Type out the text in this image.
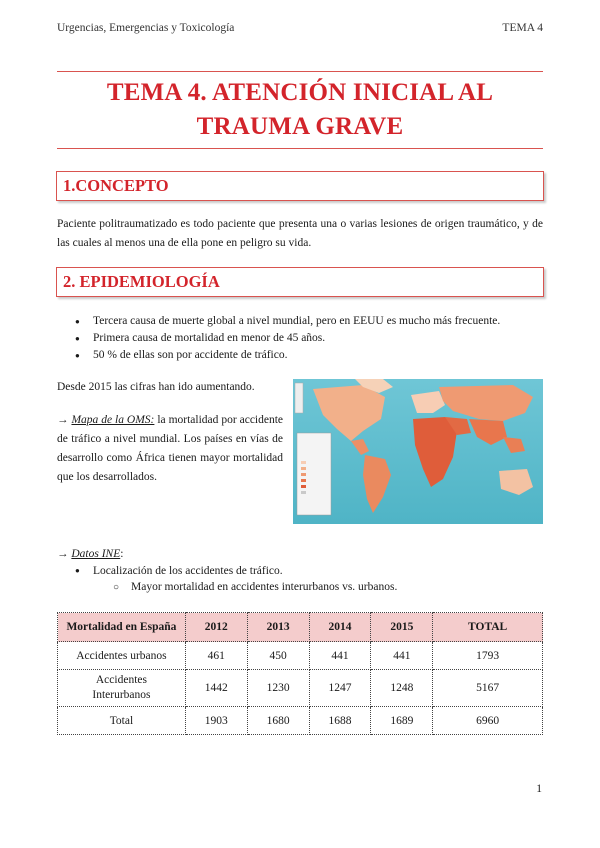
Urgencias, Emergencias y Toxicología	TEMA 4
TEMA 4. ATENCIÓN INICIAL AL
TRAUMA GRAVE
1.CONCEPTO
Paciente politraumatizado es todo paciente que presenta una o varias lesiones de origen traumático, y de las cuales al menos una de ella pone en peligro su vida.
2. EPIDEMIOLOGÍA
● Tercera causa de muerte global a nivel mundial, pero en EEUU es mucho más frecuente.
● Primera causa de mortalidad en menor de 45 años.
● 50 % de ellas son por accidente de tráfico.
Desde 2015 las cifras han ido aumentando.
→ Mapa de la OMS: la mortalidad por accidente de tráfico a nivel mundial. Los países en vías de desarrollo como África tienen mayor mortalidad que los desarrollados.
→ Datos INE:
● Localización de los accidentes de tráfico.
○ Mayor mortalidad en accidentes interurbanos vs. urbanos.
Mortalidad en España	2012	2013	2014	2015	TOTAL
Accidentes urbanos	461	450	441	441	1793
Accidentes Interurbanos	1442	1230	1247	1248	5167
Total	1903	1680	1688	1689	6960
1
